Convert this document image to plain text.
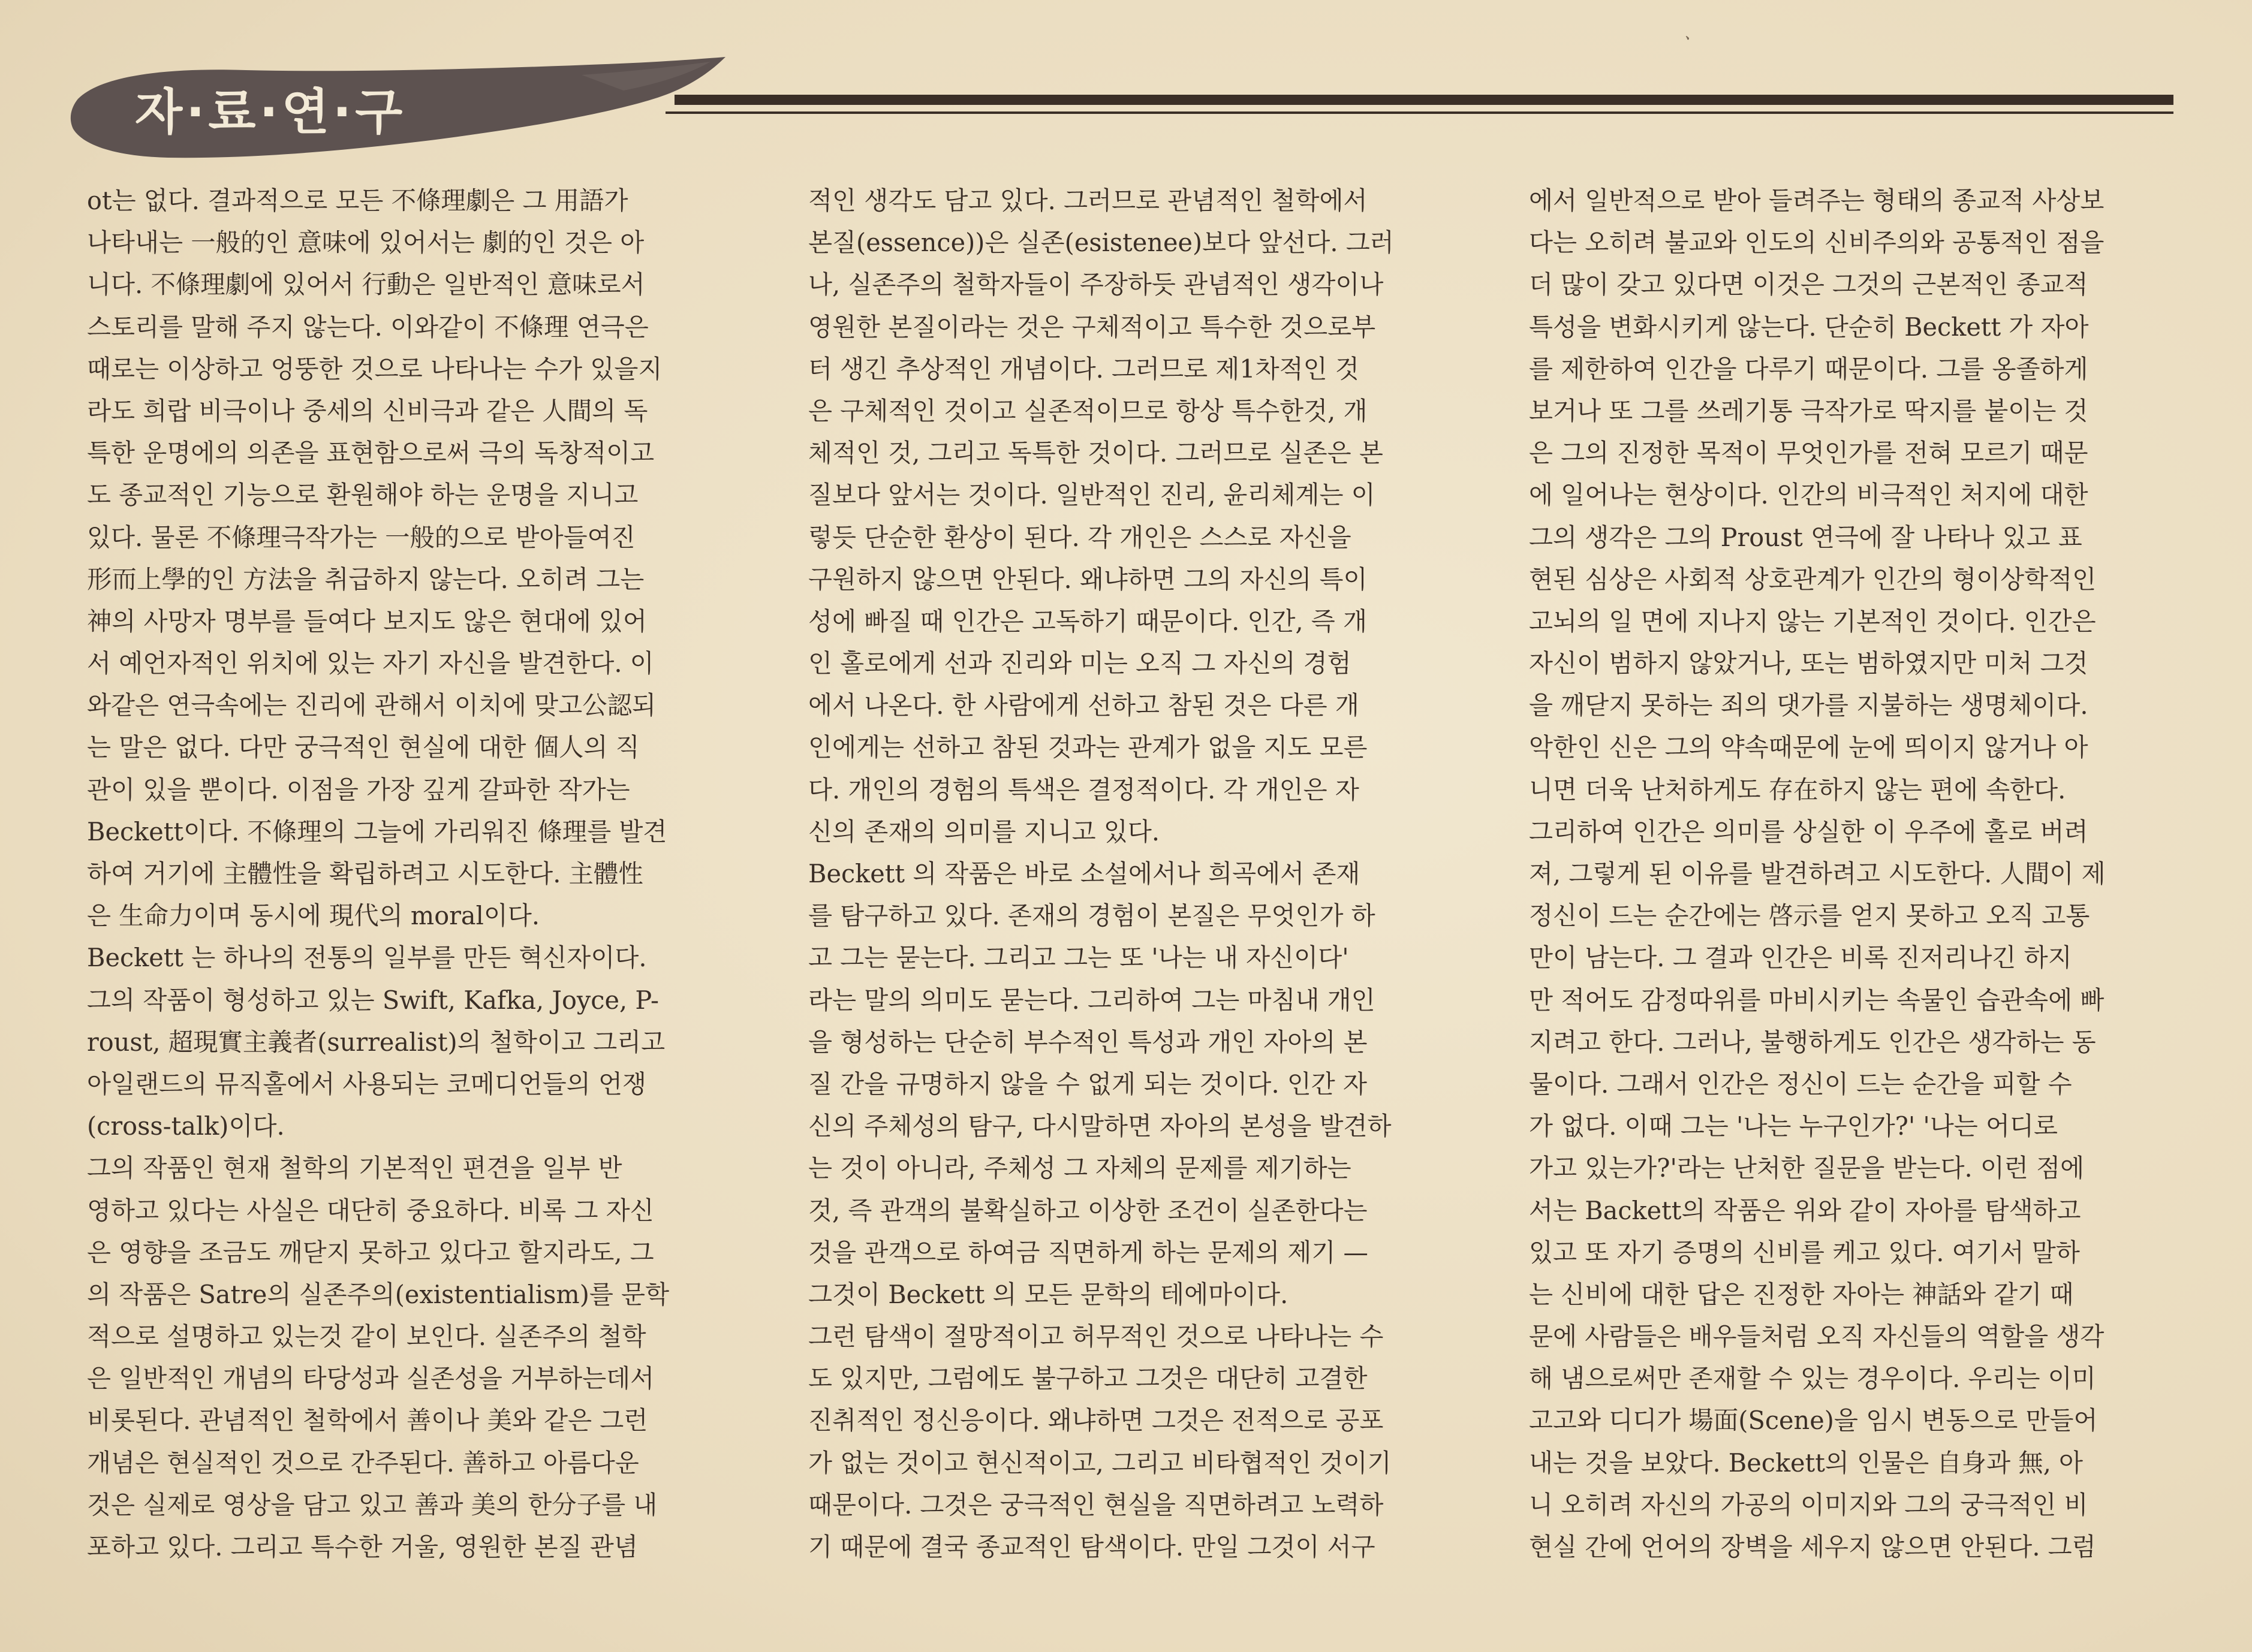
자·료·연·구
ㆍ
ot는 없다. 결과적으로 모든 不條理劇은 그 用語가
나타내는 一般的인 意味에 있어서는 劇的인 것은 아
니다. 不條理劇에 있어서 行動은 일반적인 意味로서
스토리를 말해 주지 않는다. 이와같이 不條理 연극은
때로는 이상하고 엉뚱한 것으로 나타나는 수가 있을지
라도 희랍 비극이나 중세의 신비극과 같은 人間의 독
특한 운명에의 의존을 표현함으로써 극의 독창적이고
도 종교적인 기능으로 환원해야 하는 운명을 지니고
있다. 물론 不條理극작가는 一般的으로 받아들여진
形而上學的인 方法을 취급하지 않는다. 오히려 그는
神의 사망자 명부를 들여다 보지도 않은 현대에 있어
서 예언자적인 위치에 있는 자기 자신을 발견한다. 이
와같은 연극속에는 진리에 관해서 이치에 맞고公認되
는 말은 없다. 다만 궁극적인 현실에 대한 個人의 직
관이 있을 뿐이다. 이점을 가장 깊게 갈파한 작가는
Beckett이다. 不條理의 그늘에 가리워진 條理를 발견
하여 거기에 主體性을 확립하려고 시도한다. 主體性
은 生命力이며 동시에 現代의 moral이다.
Beckett 는 하나의 전통의 일부를 만든 혁신자이다.
그의 작품이 형성하고 있는 Swift, Kafka, Joyce, P-
roust, 超現實主義者(surrealist)의 철학이고 그리고
아일랜드의 뮤직홀에서 사용되는 코메디언들의 언쟁
(cross-talk)이다.
그의 작품인 현재 철학의 기본적인 편견을 일부 반
영하고 있다는 사실은 대단히 중요하다. 비록 그 자신
은 영향을 조금도 깨닫지 못하고 있다고 할지라도, 그
의 작품은 Satre의 실존주의(existentialism)를 문학
적으로 설명하고 있는것 같이 보인다. 실존주의 철학
은 일반적인 개념의 타당성과 실존성을 거부하는데서
비롯된다. 관념적인 철학에서 善이나 美와 같은 그런
개념은 현실적인 것으로 간주된다. 善하고 아름다운
것은 실제로 영상을 담고 있고 善과 美의 한分子를 내
포하고 있다. 그리고 특수한 거울, 영원한 본질 관념
적인 생각도 담고 있다. 그러므로 관념적인 철학에서
본질(essence))은 실존(esistenee)보다 앞선다. 그러
나, 실존주의 철학자들이 주장하듯 관념적인 생각이나
영원한 본질이라는 것은 구체적이고 특수한 것으로부
터 생긴 추상적인 개념이다. 그러므로 제1차적인 것
은 구체적인 것이고 실존적이므로 항상 특수한것, 개
체적인 것, 그리고 독특한 것이다. 그러므로 실존은 본
질보다 앞서는 것이다. 일반적인 진리, 윤리체계는 이
렇듯 단순한 환상이 된다. 각 개인은 스스로 자신을
구원하지 않으면 안된다. 왜냐하면 그의 자신의 특이
성에 빠질 때 인간은 고독하기 때문이다. 인간, 즉 개
인 홀로에게 선과 진리와 미는 오직 그 자신의 경험
에서 나온다. 한 사람에게 선하고 참된 것은 다른 개
인에게는 선하고 참된 것과는 관계가 없을 지도 모른
다. 개인의 경험의 특색은 결정적이다. 각 개인은 자
신의 존재의 의미를 지니고 있다.
Beckett 의 작품은 바로 소설에서나 희곡에서 존재
를 탐구하고 있다. 존재의 경험이 본질은 무엇인가 하
고 그는 묻는다. 그리고 그는 또 '나는 내 자신이다'
라는 말의 의미도 묻는다. 그리하여 그는 마침내 개인
을 형성하는 단순히 부수적인 특성과 개인 자아의 본
질 간을 규명하지 않을 수 없게 되는 것이다. 인간 자
신의 주체성의 탐구, 다시말하면 자아의 본성을 발견하
는 것이 아니라, 주체성 그 자체의 문제를 제기하는
것, 즉 관객의 불확실하고 이상한 조건이 실존한다는
것을 관객으로 하여금 직면하게 하는 문제의 제기 —
그것이 Beckett 의 모든 문학의 테에마이다.
그런 탐색이 절망적이고 허무적인 것으로 나타나는 수
도 있지만, 그럼에도 불구하고 그것은 대단히 고결한
진취적인 정신응이다. 왜냐하면 그것은 전적으로 공포
가 없는 것이고 현신적이고, 그리고 비타협적인 것이기
때문이다. 그것은 궁극적인 현실을 직면하려고 노력하
기 때문에 결국 종교적인 탐색이다. 만일 그것이 서구
에서 일반적으로 받아 들려주는 형태의 종교적 사상보
다는 오히려 불교와 인도의 신비주의와 공통적인 점을
더 많이 갖고 있다면 이것은 그것의 근본적인 종교적
특성을 변화시키게 않는다. 단순히 Beckett 가 자아
를 제한하여 인간을 다루기 때문이다. 그를 옹졸하게
보거나 또 그를 쓰레기통 극작가로 딱지를 붙이는 것
은 그의 진정한 목적이 무엇인가를 전혀 모르기 때문
에 일어나는 현상이다. 인간의 비극적인 처지에 대한
그의 생각은 그의 Proust 연극에 잘 나타나 있고 표
현된 심상은 사회적 상호관계가 인간의 형이상학적인
고뇌의 일 면에 지나지 않는 기본적인 것이다. 인간은
자신이 범하지 않았거나, 또는 범하였지만 미처 그것
을 깨닫지 못하는 죄의 댓가를 지불하는 생명체이다.
악한인 신은 그의 약속때문에 눈에 띄이지 않거나 아
니면 더욱 난처하게도 存在하지 않는 편에 속한다.
그리하여 인간은 의미를 상실한 이 우주에 홀로 버려
져, 그렇게 된 이유를 발견하려고 시도한다. 人間이 제
정신이 드는 순간에는 啓示를 얻지 못하고 오직 고통
만이 남는다. 그 결과 인간은 비록 진저리나긴 하지
만 적어도 감정따위를 마비시키는 속물인 습관속에 빠
지려고 한다. 그러나, 불행하게도 인간은 생각하는 동
물이다. 그래서 인간은 정신이 드는 순간을 피할 수
가 없다. 이때 그는 '나는 누구인가?' '나는 어디로
가고 있는가?'라는 난처한 질문을 받는다. 이런 점에
서는 Backett의 작품은 위와 같이 자아를 탐색하고
있고 또 자기 증명의 신비를 케고 있다. 여기서 말하
는 신비에 대한 답은 진정한 자아는 神話와 같기 때
문에 사람들은 배우들처럼 오직 자신들의 역할을 생각
해 냄으로써만 존재할 수 있는 경우이다. 우리는 이미
고고와 디디가 場面(Scene)을 임시 변동으로 만들어
내는 것을 보았다. Beckett의 인물은 自身과 無, 아
니 오히려 자신의 가공의 이미지와 그의 궁극적인 비
현실 간에 언어의 장벽을 세우지 않으면 안된다. 그럼
